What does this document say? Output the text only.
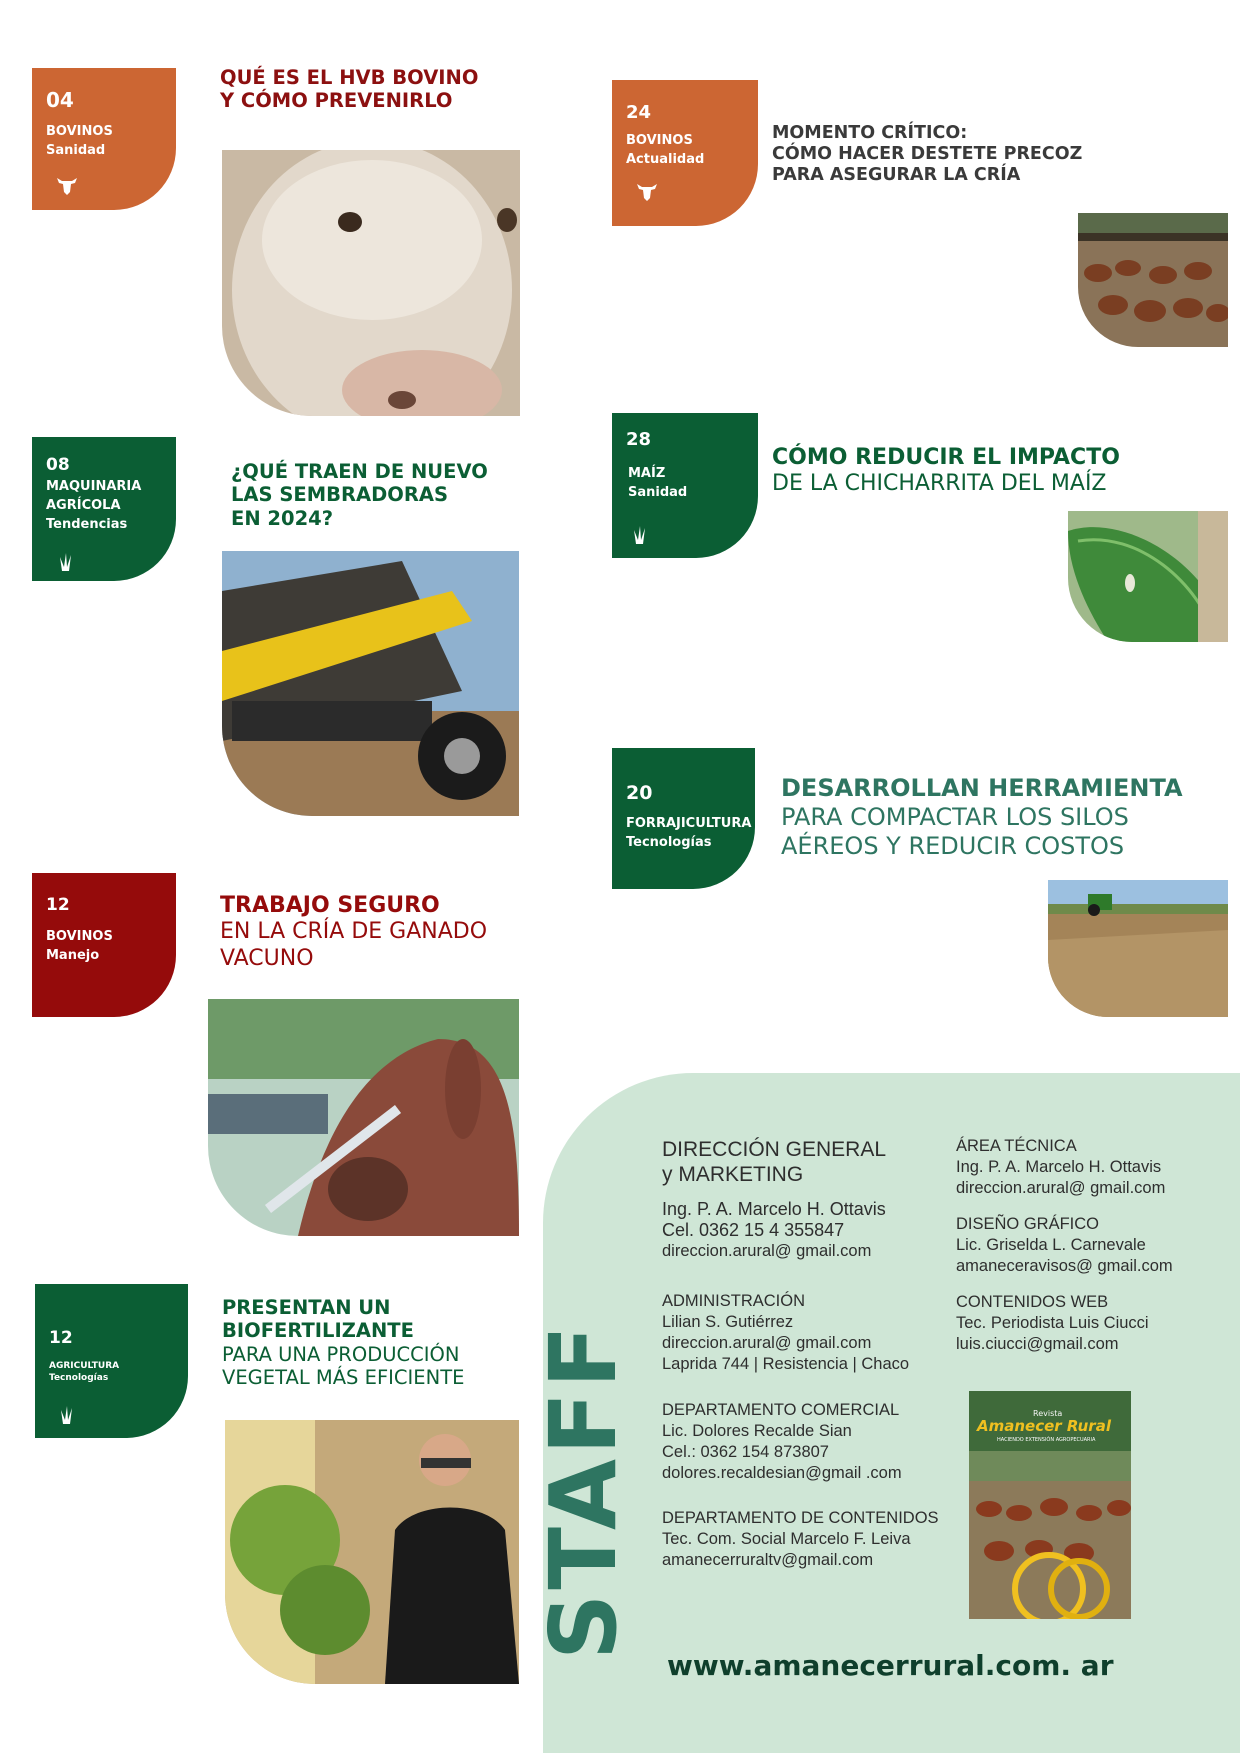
04
BOVINOS
Sanidad
QUÉ ES EL HVB BOVINO
Y CÓMO PREVENIRLO
08
MAQUINARIA
AGRÍCOLA
Tendencias
¿QUÉ TRAEN DE NUEVO
LAS SEMBRADORAS
EN 2024?
12
BOVINOS
Manejo
TRABAJO SEGURO
EN LA CRÍA DE GANADO
VACUNO
12
AGRICULTURA
Tecnologías
PRESENTAN UN
BIOFERTILIZANTE
PARA UNA PRODUCCIÓN
VEGETAL MÁS EFICIENTE
24
BOVINOS
Actualidad
MOMENTO CRÍTICO:
CÓMO HACER DESTETE PRECOZ
PARA ASEGURAR LA CRÍA
28
MAÍZ
Sanidad
CÓMO REDUCIR EL IMPACTO
DE LA CHICHARRITA DEL MAÍZ
20
FORRAJICULTURA
Tecnologías
DESARROLLAN HERRAMIENTA
PARA COMPACTAR LOS SILOS
AÉREOS Y REDUCIR COSTOS
STAFF
DIRECCIÓN GENERAL
y MARKETING
Ing. P. A. Marcelo H. Ottavis
Cel. 0362 15 4 355847
direccion.arural@ gmail.com
ADMINISTRACIÓN
Lilian S. Gutiérrez
direccion.arural@ gmail.com
Laprida 744 | Resistencia | Chaco
DEPARTAMENTO COMERCIAL
Lic. Dolores Recalde Sian
Cel.: 0362 154 873807
dolores.recaldesian@gmail .com
DEPARTAMENTO DE CONTENIDOS
Tec. Com. Social Marcelo F. Leiva
amanecerruraltv@gmail.com
ÁREA TÉCNICA
Ing. P. A. Marcelo H. Ottavis
direccion.arural@ gmail.com
DISEÑO GRÁFICO
Lic. Griselda L. Carnevale
amaneceravisos@ gmail.com
CONTENIDOS WEB
Tec. Periodista Luis Ciucci
luis.ciucci@gmail.com
Revista
Amanecer Rural
HACIENDO EXTENSIÓN AGROPECUARIA
www.amanecerrural.com. ar
